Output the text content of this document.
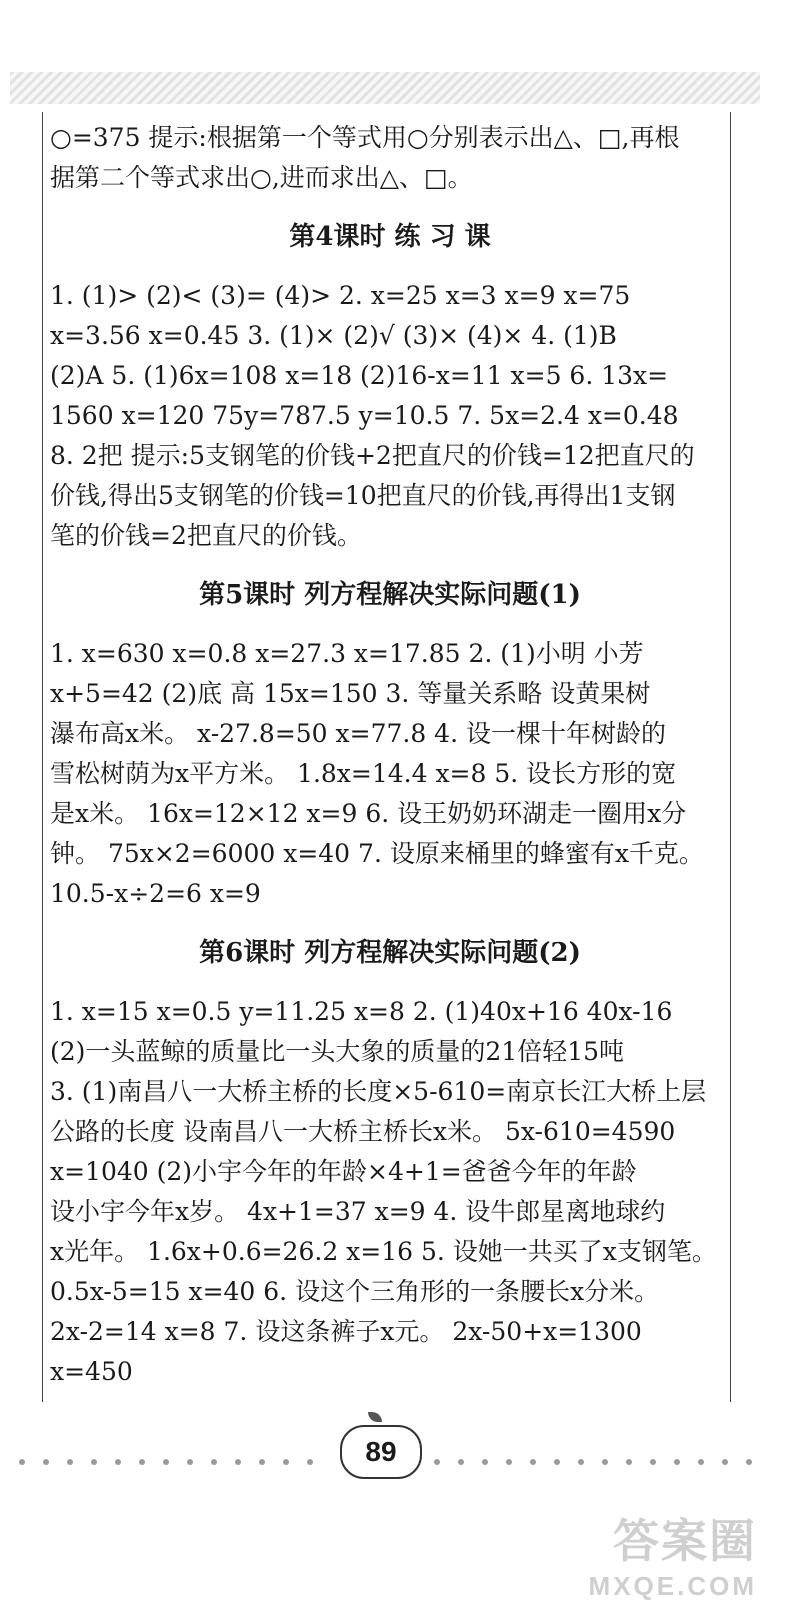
○=375 提示:根据第一个等式用○分别表示出△、□,再根

据第二个等式求出○,进而求出△、□。

第4课时 练 习 课

1. (1)> (2)< (3)= (4)> 2. x=25 x=3 x=9 x=75

x=3.56 x=0.45 3. (1)× (2)√ (3)× (4)× 4. (1)B

(2)A 5. (1)6x=108 x=18 (2)16-x=11 x=5 6. 13x=

1560 x=120 75y=787.5 y=10.5 7. 5x=2.4 x=0.48

8. 2把 提示:5支钢笔的价钱+2把直尺的价钱=12把直尺的

价钱,得出5支钢笔的价钱=10把直尺的价钱,再得出1支钢

笔的价钱=2把直尺的价钱。

第5课时 列方程解决实际问题(1)

1. x=630 x=0.8 x=27.3 x=17.85 2. (1)小明 小芳

x+5=42 (2)底 高 15x=150 3. 等量关系略 设黄果树

瀑布高x米。 x-27.8=50 x=77.8 4. 设一棵十年树龄的

雪松树荫为x平方米。 1.8x=14.4 x=8 5. 设长方形的宽

是x米。 16x=12×12 x=9 6. 设王奶奶环湖走一圈用x分

钟。 75x×2=6000 x=40 7. 设原来桶里的蜂蜜有x千克。

10.5-x÷2=6 x=9

第6课时 列方程解决实际问题(2)

1. x=15 x=0.5 y=11.25 x=8 2. (1)40x+16 40x-16

(2)一头蓝鲸的质量比一头大象的质量的21倍轻15吨

3. (1)南昌八一大桥主桥的长度×5-610=南京长江大桥上层

公路的长度 设南昌八一大桥主桥长x米。 5x-610=4590

x=1040 (2)小宇今年的年龄×4+1=爸爸今年的年龄

设小宇今年x岁。 4x+1=37 x=9 4. 设牛郎星离地球约

x光年。 1.6x+0.6=26.2 x=16 5. 设她一共买了x支钢笔。

0.5x-5=15 x=40 6. 设这个三角形的一条腰长x分米。

2x-2=14 x=8 7. 设这条裤子x元。 2x-50+x=1300

x=450

89
答案圈
MXQE.COM
